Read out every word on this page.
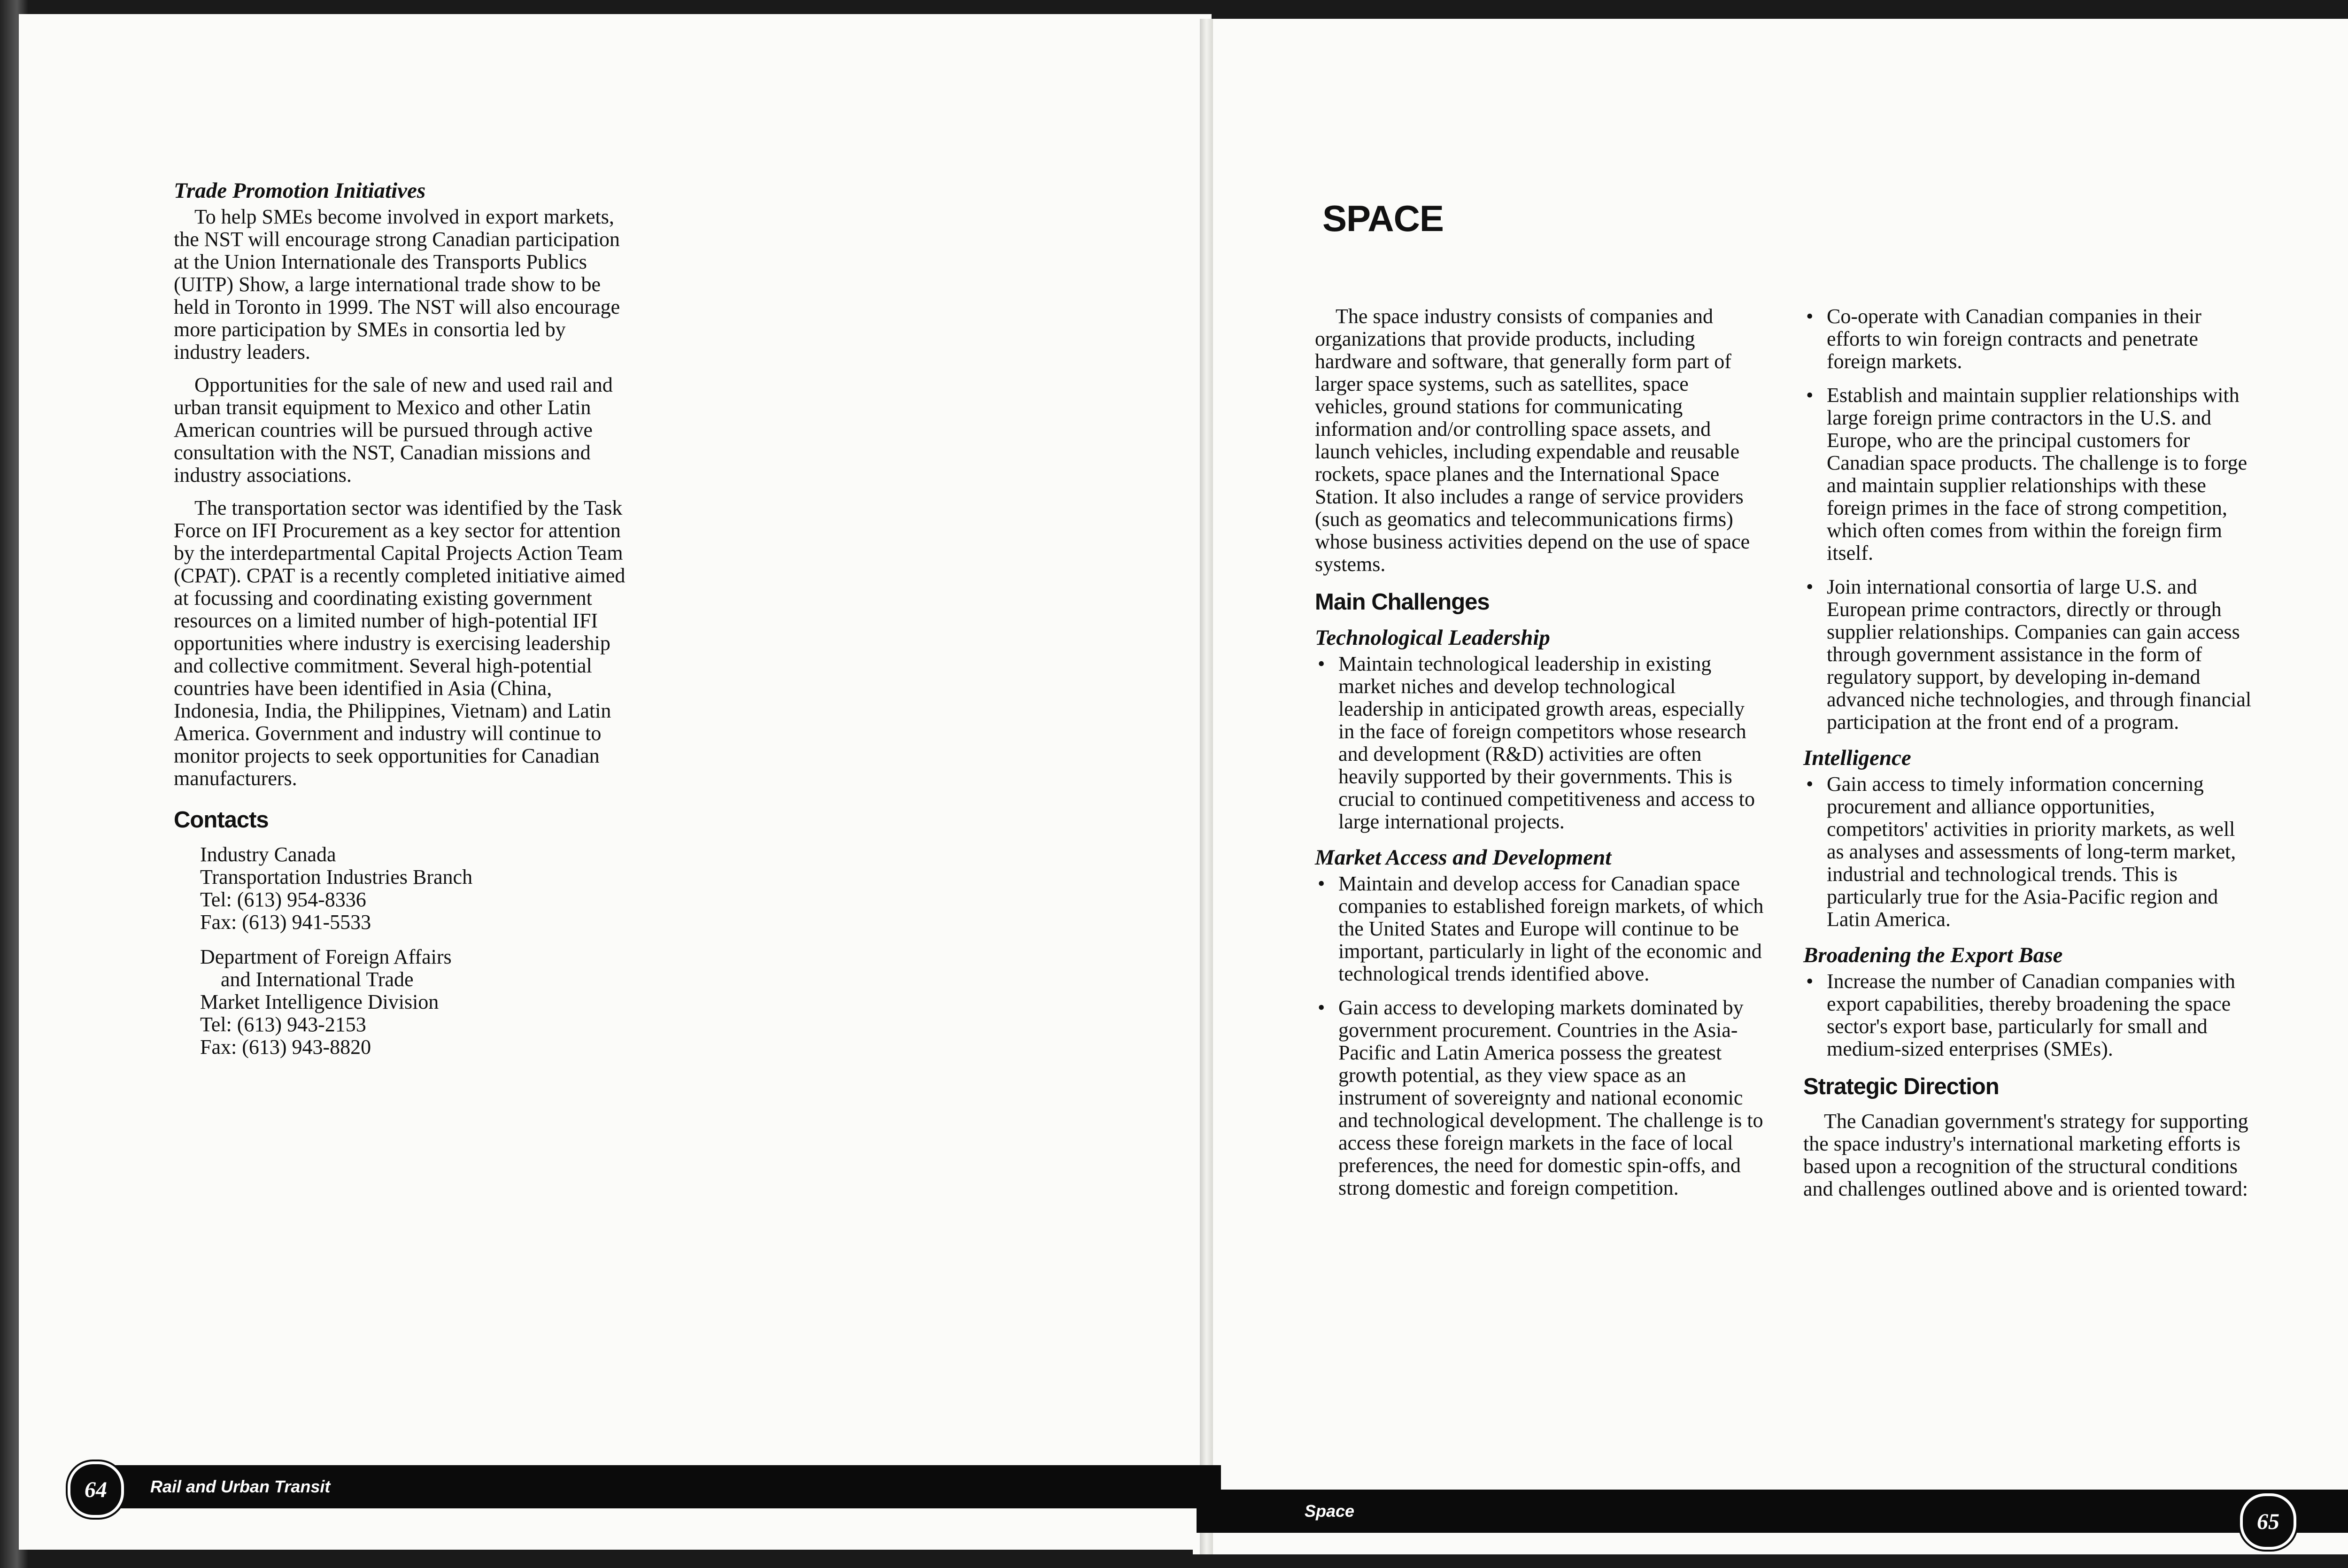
Trade Promotion Initiatives

To help SMEs become involved in export markets, the NST will encourage strong Canadian participation at the Union Internationale des Transports Publics (UITP) Show, a large international trade show to be held in Toronto in 1999. The NST will also encourage more participation by SMEs in consortia led by industry leaders.

Opportunities for the sale of new and used rail and urban transit equipment to Mexico and other Latin American countries will be pursued through active consultation with the NST, Canadian missions and industry associations.

The transportation sector was identified by the Task Force on IFI Procurement as a key sector for attention by the interdepartmental Capital Projects Action Team (CPAT). CPAT is a recently completed initiative aimed at focussing and coordinating existing government resources on a limited number of high-potential IFI opportunities where industry is exercising leadership and collective commitment. Several high-potential countries have been identified in Asia (China, Indonesia, India, the Philippines, Vietnam) and Latin America. Government and industry will continue to monitor projects to seek opportunities for Canadian manufacturers.

Contacts
Industry Canada
Transportation Industries Branch
Tel: (613) 954-8336
Fax: (613) 941-5533
Department of Foreign Affairs
and International Trade
Market Intelligence Division
Tel: (613) 943-2153
Fax: (613) 943-8820
Rail and Urban Transit
64
SPACE

The space industry consists of companies and organizations that provide products, including hardware and software, that generally form part of larger space systems, such as satellites, space vehicles, ground stations for communicating information and/or controlling space assets, and launch vehicles, including expendable and reusable rockets, space planes and the International Space Station. It also includes a range of service providers (such as geomatics and telecommunications firms) whose business activities depend on the use of space systems.

Main Challenges
Technological Leadership
• Maintain technological leadership in existing market niches and develop technological leadership in anticipated growth areas, especially in the face of foreign competitors whose research and development (R&D) activities are often heavily supported by their governments. This is crucial to continued competitiveness and access to large international projects.
Market Access and Development
• Maintain and develop access for Canadian space companies to established foreign markets, of which the United States and Europe will continue to be important, particularly in light of the economic and technological trends identified above.
• Gain access to developing markets dominated by government procurement. Countries in the Asia-Pacific and Latin America possess the greatest growth potential, as they view space as an instrument of sovereignty and national economic and technological development. The challenge is to access these foreign markets in the face of local preferences, the need for domestic spin-offs, and strong domestic and foreign competition.
• Co-operate with Canadian companies in their efforts to win foreign contracts and penetrate foreign markets.
• Establish and maintain supplier relationships with large foreign prime contractors in the U.S. and Europe, who are the principal customers for Canadian space products. The challenge is to forge and maintain supplier relationships with these foreign primes in the face of strong competition, which often comes from within the foreign firm itself.
• Join international consortia of large U.S. and European prime contractors, directly or through supplier relationships. Companies can gain access through government assistance in the form of regulatory support, by developing in-demand advanced niche technologies, and through financial participation at the front end of a program.
Intelligence
• Gain access to timely information concerning procurement and alliance opportunities, competitors' activities in priority markets, as well as analyses and assessments of long-term market, industrial and technological trends. This is particularly true for the Asia-Pacific region and Latin America.
Broadening the Export Base
• Increase the number of Canadian companies with export capabilities, thereby broadening the space sector's export base, particularly for small and medium-sized enterprises (SMEs).
Strategic Direction

The Canadian government's strategy for supporting the space industry's international marketing efforts is based upon a recognition of the structural conditions and challenges outlined above and is oriented toward:

Space	65
